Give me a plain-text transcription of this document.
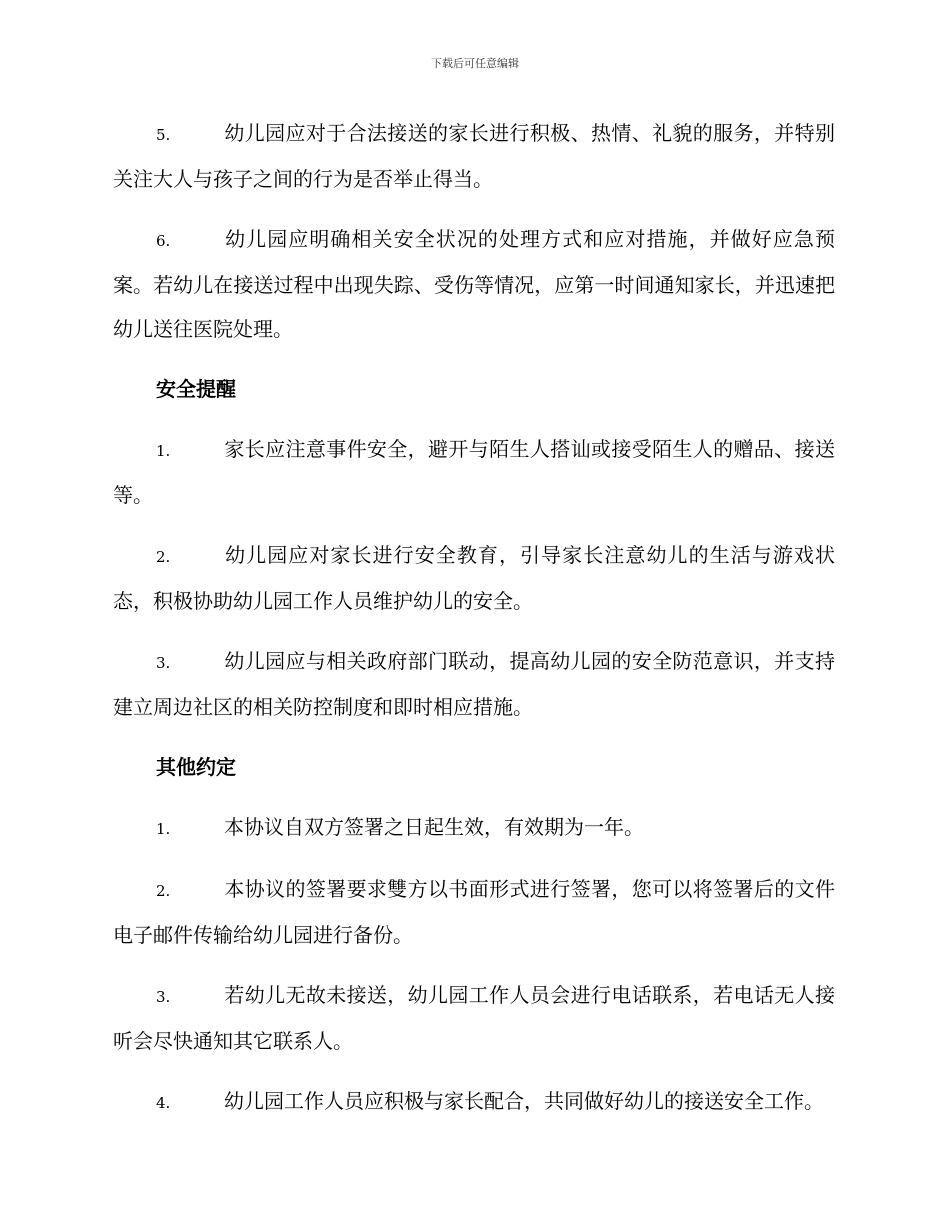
下载后可任意编辑

5.	幼儿园应对于合法接送的家长进行积极、热情、礼貌的服务，并特别关注大人与孩子之间的行为是否举止得当。

6.	幼儿园应明确相关安全状况的处理方式和应对措施，并做好应急预案。若幼儿在接送过程中出现失踪、受伤等情况，应第一时间通知家长，并迅速把幼儿送往医院处理。

安全提醒

1.	家长应注意事件安全，避开与陌生人搭讪或接受陌生人的赠品、接送等。

2.	幼儿园应对家长进行安全教育，引导家长注意幼儿的生活与游戏状态，积极协助幼儿园工作人员维护幼儿的安全。

3.	幼儿园应与相关政府部门联动，提高幼儿园的安全防范意识，并支持建立周边社区的相关防控制度和即时相应措施。

其他约定

1.	本协议自双方签署之日起生效，有效期为一年。

2.	本协议的签署要求雙方以书面形式进行签署，您可以将签署后的文件电子邮件传输给幼儿园进行备份。

3.	若幼儿无故未接送，幼儿园工作人员会进行电话联系，若电话无人接听会尽快通知其它联系人。

4.	幼儿园工作人员应积极与家长配合，共同做好幼儿的接送安全工作。
